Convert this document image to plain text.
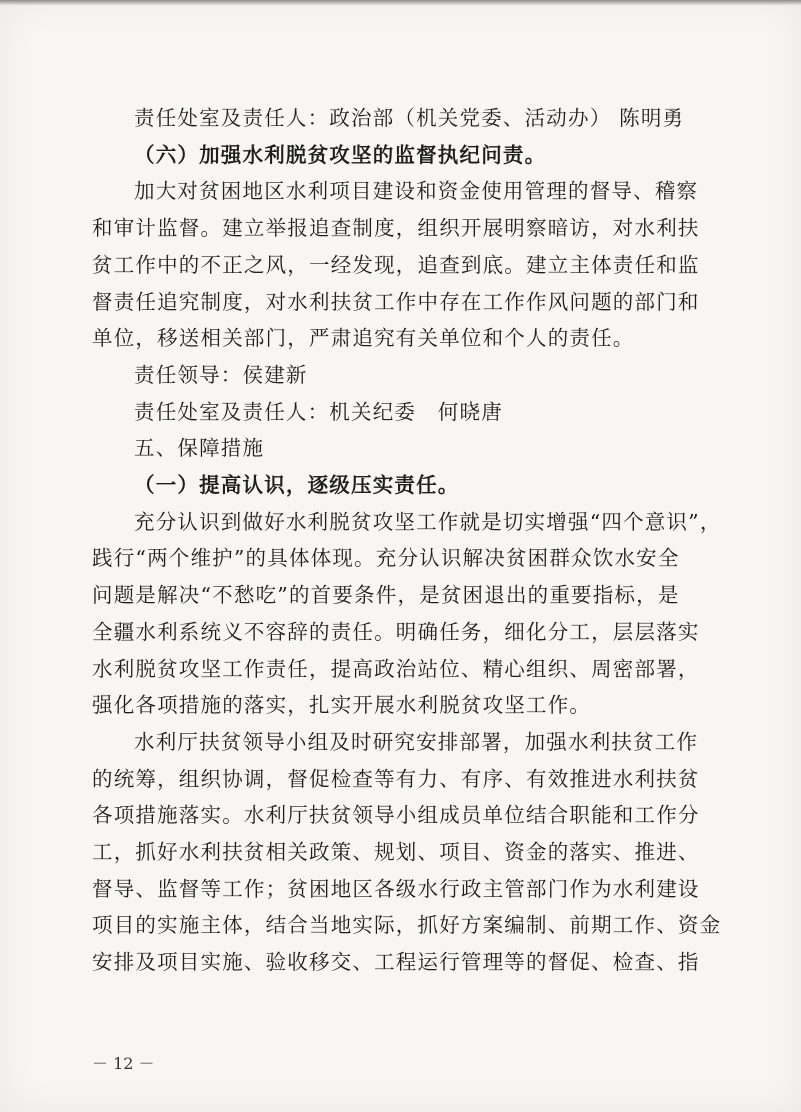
责任处室及责任人：政治部（机关党委、活动办） 陈明勇

（六）加强水利脱贫攻坚的监督执纪问责。

加大对贫困地区水利项目建设和资金使用管理的督导、稽察

和审计监督。建立举报追查制度，组织开展明察暗访，对水利扶

贫工作中的不正之风，一经发现，追查到底。建立主体责任和监

督责任追究制度，对水利扶贫工作中存在工作作风问题的部门和

单位，移送相关部门，严肃追究有关单位和个人的责任。

责任领导：侯建新

责任处室及责任人：机关纪委　何晓唐

五、保障措施

（一）提高认识，逐级压实责任。

充分认识到做好水利脱贫攻坚工作就是切实增强“四个意识”，

践行“两个维护”的具体体现。充分认识解决贫困群众饮水安全

问题是解决“不愁吃”的首要条件，是贫困退出的重要指标，是

全疆水利系统义不容辞的责任。明确任务，细化分工，层层落实

水利脱贫攻坚工作责任，提高政治站位、精心组织、周密部署，

强化各项措施的落实，扎实开展水利脱贫攻坚工作。

水利厅扶贫领导小组及时研究安排部署，加强水利扶贫工作

的统筹，组织协调，督促检查等有力、有序、有效推进水利扶贫

各项措施落实。水利厅扶贫领导小组成员单位结合职能和工作分

工，抓好水利扶贫相关政策、规划、项目、资金的落实、推进、

督导、监督等工作；贫困地区各级水行政主管部门作为水利建设

项目的实施主体，结合当地实际，抓好方案编制、前期工作、资金

安排及项目实施、验收移交、工程运行管理等的督促、检查、指

－ 12 －
